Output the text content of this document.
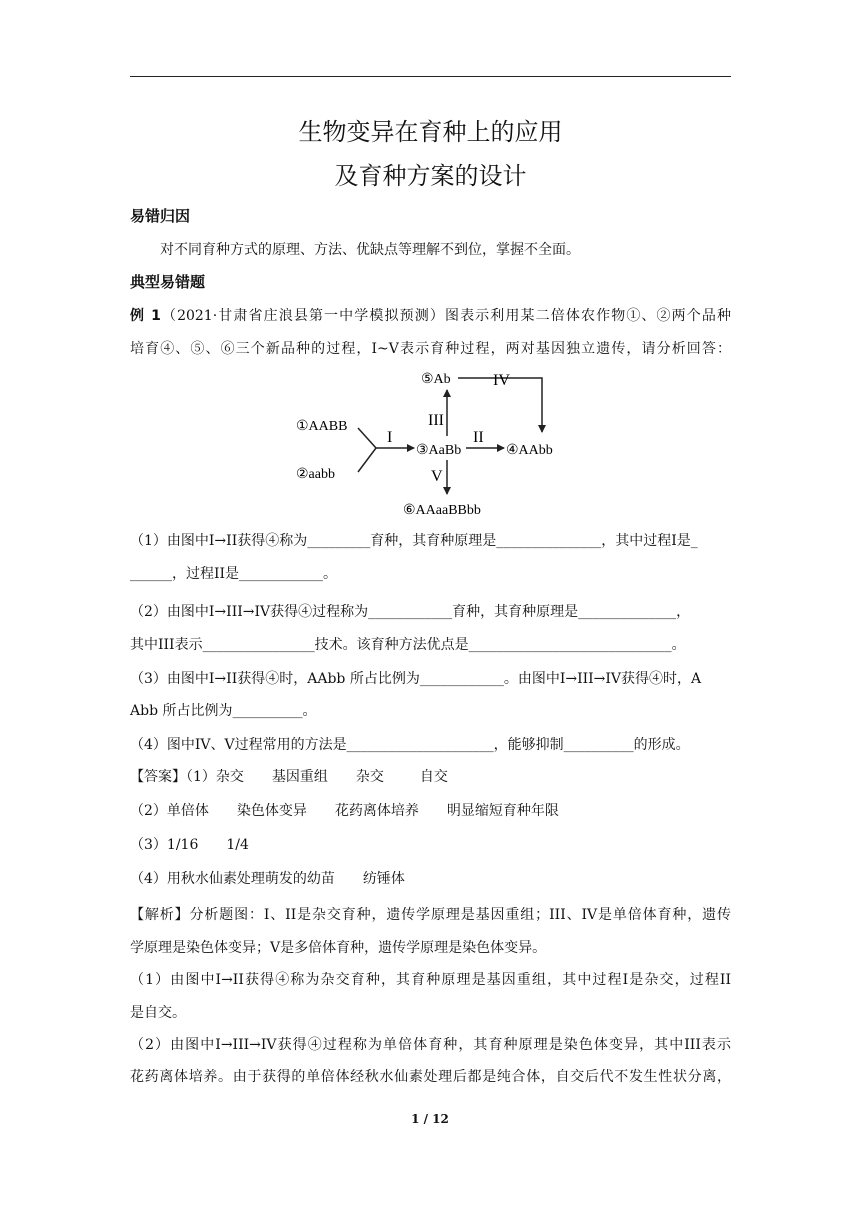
生物变异在育种上的应用
及育种方案的设计
易错归因
对不同育种方式的原理、方法、优缺点等理解不到位，掌握不全面。
典型易错题
例 1（2021·甘肃省庄浪县第一中学模拟预测）图表示利用某二倍体农作物①、②两个品种
培育④、⑤、⑥三个新品种的过程，I~V表示育种过程，两对基因独立遗传，请分析回答：
①AABB
②aabb
I
③AaBb
II
④AAbb
III
⑤Ab	IV
V
⑥AAaaBBbb
（1）由图中I→II获得④称为_________育种，其育种原理是_______________，其中过程I是_
______，过程II是____________。
（2）由图中I→III→IV获得④过程称为____________育种，其育种原理是______________，
其中III表示________________技术。该育种方法优点是_____________________________。
（3）由图中I→II获得④时，AAbb 所占比例为____________。由图中I→III→IV获得④时，A
Abb 所占比例为__________。
（4）图中IV、V过程常用的方法是_____________________，能够抑制__________的形成。
【答案】（1）杂交 基因重组 杂交	自交
（2）单倍体 染色体变异 花药离体培养 明显缩短育种年限
（3）1/16 1/4
（4）用秋水仙素处理萌发的幼苗 纺锤体
【解析】分析题图：I、II是杂交育种，遗传学原理是基因重组；III、IV是单倍体育种，遗传
学原理是染色体变异；V是多倍体育种，遗传学原理是染色体变异。
（1）由图中I→II获得④称为杂交育种，其育种原理是基因重组，其中过程I是杂交，过程II
是自交。
（2）由图中I→III→IV获得④过程称为单倍体育种，其育种原理是染色体变异，其中III表示
花药离体培养。由于获得的单倍体经秋水仙素处理后都是纯合体，自交后代不发生性状分离，
1 / 12
